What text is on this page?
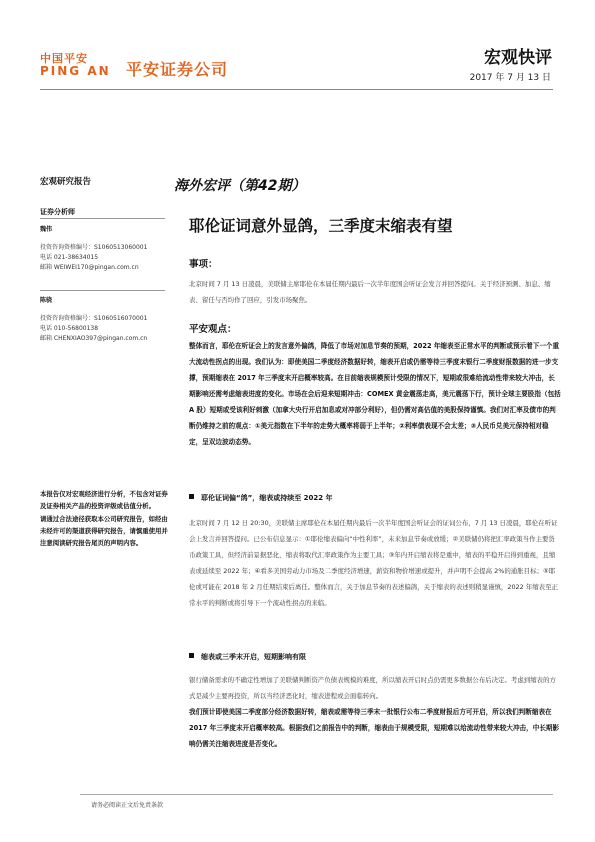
中国平安
PING AN 平安证券公司
宏观快评
2017 年 7 月 13 日
宏观研究报告
证券分析师
魏伟
投资咨询资格编号：S1060513060001
电话 021-38634015
邮箱 WEIWEI170@pingan.com.cn
陈骁
投资咨询资格编号：S1060516070001
电话 010-56800138
邮箱 CHENXIAO397@pingan.com.cn

本报告仅对宏观经济进行分析，不包含对证券及证券相关产品的投资评级或估值分析。

请通过合法途径获取本公司研究报告，如经由未经许可的渠道获得研究报告，请慎重使用并注意阅读研究报告尾页的声明内容。

海外宏评（第42期）
耶伦证词意外显鸽，三季度末缩表有望
事项：
北京时间 7 月 13 日凌晨，美联储主席耶伦在本届任期内最后一次半年度国会听证会发言并回答提问。关于经济预测、加息、缩表、留任与否均作了回应，引发市场聚焦。
平安观点：
整体而言，耶伦在听证会上的发言意外偏鸽，降低了市场对加息节奏的预期，2022 年缩表至正常水平的判断或预示着下一个重大流动性拐点的出现。我们认为：即使美国二季度经济数据好转，缩表开启或仍需等待三季度末银行二季度财报数据的进一步支撑，预期缩表在 2017 年三季度末开启概率较高。在目前缩表规模预计受限的情况下，短期或很难给流动性带来较大冲击，长期影响还需考虑缩表进度的变化。市场在会后迎来短期冲击：COMEX 黄金震荡走高，美元震荡下行，预计全球主要股指（包括 A 股）短期或受该利好刺激（加拿大央行开启加息或对冲部分利好），但仍需对高估值的美股保持谨慎。我们对汇率及债市的判断仍维持之前的观点：①美元指数在下半年的走势大概率将弱于上半年；②利率债表现不会太差；③人民币兑美元保持相对稳定，呈双边波动态势。
耶伦证词偏“鸽”，缩表或持续至 2022 年
北京时间 7 月 12 日 20:30，美联储主席耶伦在本届任期内最后一次半年度国会听证会的证词公布，7 月 13 日凌晨，耶伦在听证会上发言并回答提问。已公布信息显示：①耶伦缩表偏向“中性利率”，未来加息节奏或放缓；②美联储仍将把汇率政策当作主要货币政策工具，但经济前景据恶化，缩表将取代汇率政策作为主要工具；③年内开启缩表将是重中，缩表的平稳开启得到重视，且缩表或延续至 2022 年；④看多美国劳动力市场及二季度经济增速，薪资和物价增速或提升，并声明不会提高 2%的通胀目标；⑤耶伦或可能在 2018 年 2 月任期结束后离任。整体而言，关于加息节奏的表述偏鸽，关于缩表的表述则稍显谨慎，2022 年缩表至正常水平的判断或将引导下一个流动性拐点的来临。
缩表或三季末开启，短期影响有限
银行储备需求的不确定性增加了美联储判断资产负债表规模的难度，所以缩表开启时点仍需更多数据公布后决定。考虑到缩表的方式是减少主要再投资，所以当经济恶化时，缩表进程或会面临转向。
我们预计即使美国二季度部分经济数据好转，缩表或需等待三季末一批银行公布二季度财报后方可开启，所以我们判断缩表在 2017 年三季度末开启概率较高。根据我们之前报告中的判断，缩表由于规模受限，短期难以给流动性带来较大冲击，中长期影响仍需关注缩表进度是否变化。
请务必阅读正文后免责条款
